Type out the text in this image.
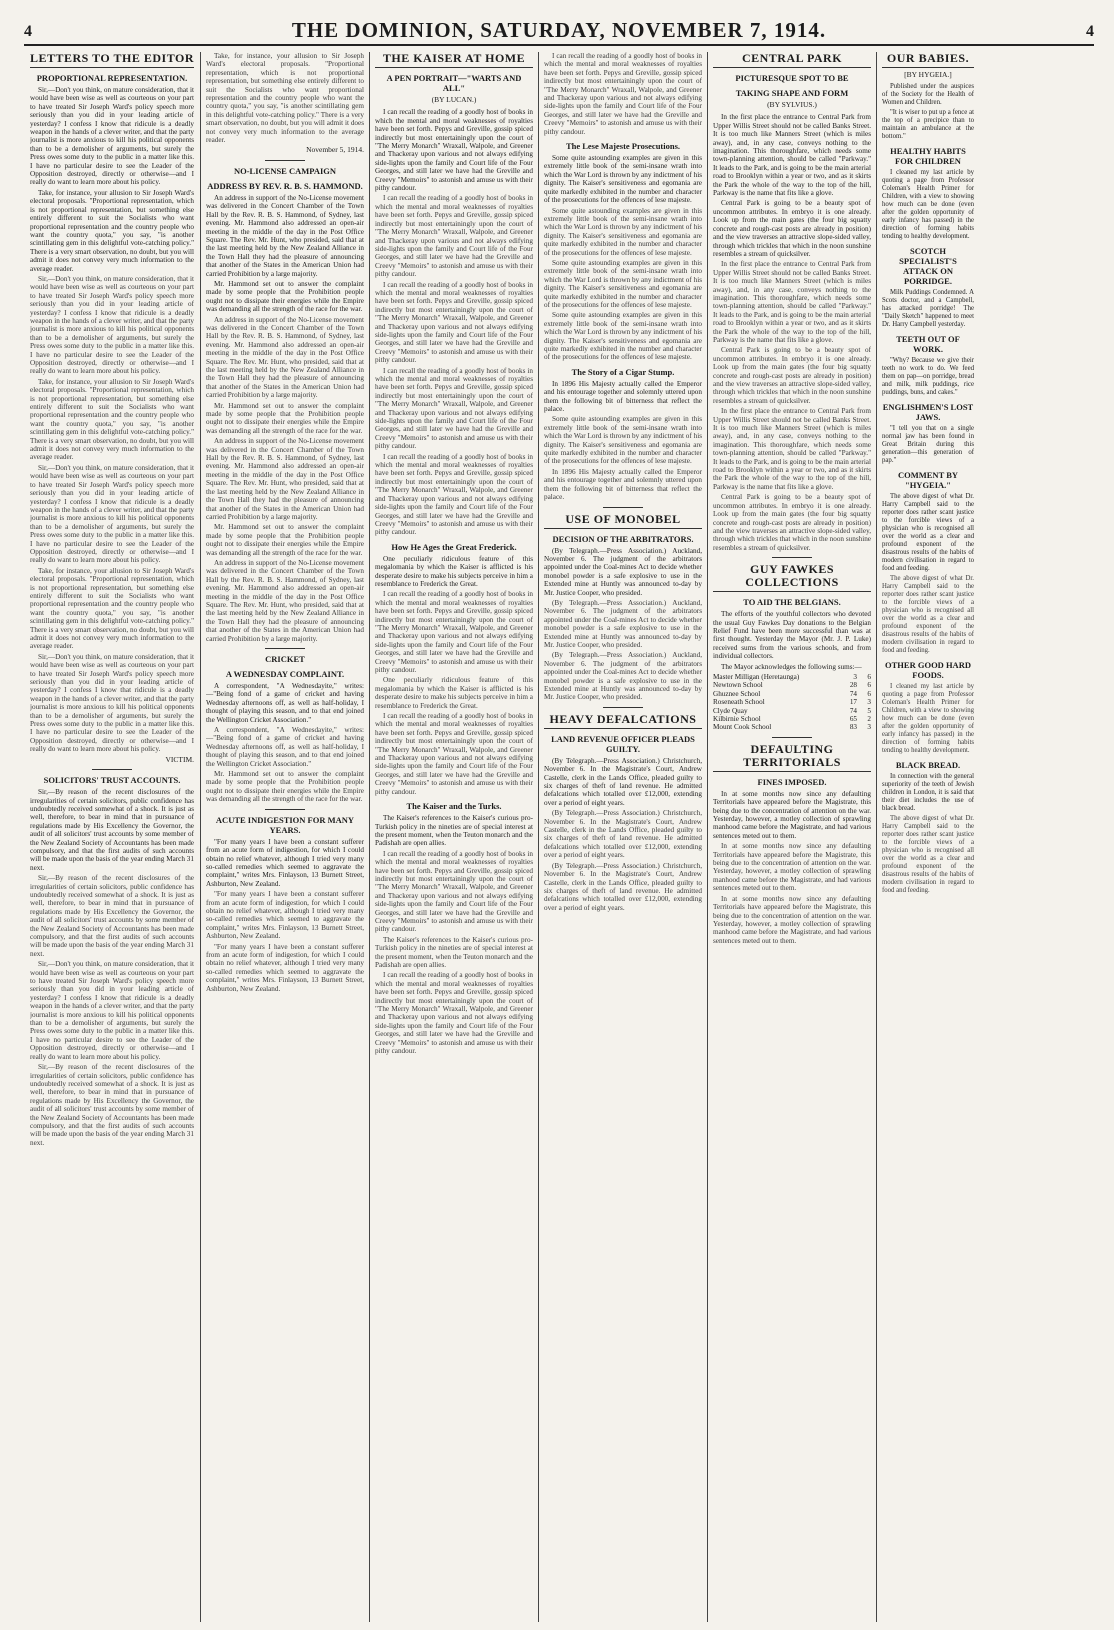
4	THE DOMINION, SATURDAY, NOVEMBER 7, 1914.	4
LETTERS TO THE EDITOR
PROPORTIONAL REPRESENTATION.

Sir,—Don't you think, on mature consideration, that it would have been wise as well as courteous on your part to have treated Sir Joseph Ward's policy speech more seriously than you did in your leading article of yesterday? I confess I know that ridicule is a deadly weapon in the hands of a clever writer, and that the party journalist is more anxious to kill his political opponents than to be a demolisher of arguments, but surely the Press owes some duty to the public in a matter like this. I have no particular desire to see the Leader of the Opposition destroyed, directly or otherwise—and I really do want to learn more about his policy.

Take, for instance, your allusion to Sir Joseph Ward's electoral proposals. "Proportional representation, which is not proportional representation, but something else entirely different to suit the Socialists who want proportional representation and the country people who want the country quota," you say, "is another scintillating gem in this delightful vote-catching policy." There is a very smart observation, no doubt, but you will admit it does not convey very much information to the average reader.

Sir,—Don't you think, on mature consideration, that it would have been wise as well as courteous on your part to have treated Sir Joseph Ward's policy speech more seriously than you did in your leading article of yesterday? I confess I know that ridicule is a deadly weapon in the hands of a clever writer, and that the party journalist is more anxious to kill his political opponents than to be a demolisher of arguments, but surely the Press owes some duty to the public in a matter like this. I have no particular desire to see the Leader of the Opposition destroyed, directly or otherwise—and I really do want to learn more about his policy.

Take, for instance, your allusion to Sir Joseph Ward's electoral proposals. "Proportional representation, which is not proportional representation, but something else entirely different to suit the Socialists who want proportional representation and the country people who want the country quota," you say, "is another scintillating gem in this delightful vote-catching policy." There is a very smart observation, no doubt, but you will admit it does not convey very much information to the average reader.

Sir,—Don't you think, on mature consideration, that it would have been wise as well as courteous on your part to have treated Sir Joseph Ward's policy speech more seriously than you did in your leading article of yesterday? I confess I know that ridicule is a deadly weapon in the hands of a clever writer, and that the party journalist is more anxious to kill his political opponents than to be a demolisher of arguments, but surely the Press owes some duty to the public in a matter like this. I have no particular desire to see the Leader of the Opposition destroyed, directly or otherwise—and I really do want to learn more about his policy.

Take, for instance, your allusion to Sir Joseph Ward's electoral proposals. "Proportional representation, which is not proportional representation, but something else entirely different to suit the Socialists who want proportional representation and the country people who want the country quota," you say, "is another scintillating gem in this delightful vote-catching policy." There is a very smart observation, no doubt, but you will admit it does not convey very much information to the average reader.

Sir,—Don't you think, on mature consideration, that it would have been wise as well as courteous on your part to have treated Sir Joseph Ward's policy speech more seriously than you did in your leading article of yesterday? I confess I know that ridicule is a deadly weapon in the hands of a clever writer, and that the party journalist is more anxious to kill his political opponents than to be a demolisher of arguments, but surely the Press owes some duty to the public in a matter like this. I have no particular desire to see the Leader of the Opposition destroyed, directly or otherwise—and I really do want to learn more about his policy.

VICTIM.
SOLICITORS' TRUST ACCOUNTS.

Sir,—By reason of the recent disclosures of the irregularities of certain solicitors, public confidence has undoubtedly received somewhat of a shock. It is just as well, therefore, to bear in mind that in pursuance of regulations made by His Excellency the Governor, the audit of all solicitors' trust accounts by some member of the New Zealand Society of Accountants has been made compulsory, and that the first audits of such accounts will be made upon the basis of the year ending March 31 next.

Sir,—By reason of the recent disclosures of the irregularities of certain solicitors, public confidence has undoubtedly received somewhat of a shock. It is just as well, therefore, to bear in mind that in pursuance of regulations made by His Excellency the Governor, the audit of all solicitors' trust accounts by some member of the New Zealand Society of Accountants has been made compulsory, and that the first audits of such accounts will be made upon the basis of the year ending March 31 next.

Sir,—Don't you think, on mature consideration, that it would have been wise as well as courteous on your part to have treated Sir Joseph Ward's policy speech more seriously than you did in your leading article of yesterday? I confess I know that ridicule is a deadly weapon in the hands of a clever writer, and that the party journalist is more anxious to kill his political opponents than to be a demolisher of arguments, but surely the Press owes some duty to the public in a matter like this. I have no particular desire to see the Leader of the Opposition destroyed, directly or otherwise—and I really do want to learn more about his policy.

Sir,—By reason of the recent disclosures of the irregularities of certain solicitors, public confidence has undoubtedly received somewhat of a shock. It is just as well, therefore, to bear in mind that in pursuance of regulations made by His Excellency the Governor, the audit of all solicitors' trust accounts by some member of the New Zealand Society of Accountants has been made compulsory, and that the first audits of such accounts will be made upon the basis of the year ending March 31 next.

Take, for instance, your allusion to Sir Joseph Ward's electoral proposals. "Proportional representation, which is not proportional representation, but something else entirely different to suit the Socialists who want proportional representation and the country people who want the country quota," you say, "is another scintillating gem in this delightful vote-catching policy." There is a very smart observation, no doubt, but you will admit it does not convey very much information to the average reader.

November 5, 1914.
NO-LICENSE CAMPAIGN
ADDRESS BY REV. R. B. S. HAMMOND.

An address in support of the No-License movement was delivered in the Concert Chamber of the Town Hall by the Rev. R. B. S. Hammond, of Sydney, last evening. Mr. Hammond also addressed an open-air meeting in the middle of the day in the Post Office Square. The Rev. Mr. Hunt, who presided, said that at the last meeting held by the New Zealand Alliance in the Town Hall they had the pleasure of announcing that another of the States in the American Union had carried Prohibition by a large majority.

Mr. Hammond set out to answer the complaint made by some people that the Prohibition people ought not to dissipate their energies while the Empire was demanding all the strength of the race for the war.

An address in support of the No-License movement was delivered in the Concert Chamber of the Town Hall by the Rev. R. B. S. Hammond, of Sydney, last evening. Mr. Hammond also addressed an open-air meeting in the middle of the day in the Post Office Square. The Rev. Mr. Hunt, who presided, said that at the last meeting held by the New Zealand Alliance in the Town Hall they had the pleasure of announcing that another of the States in the American Union had carried Prohibition by a large majority.

Mr. Hammond set out to answer the complaint made by some people that the Prohibition people ought not to dissipate their energies while the Empire was demanding all the strength of the race for the war.

An address in support of the No-License movement was delivered in the Concert Chamber of the Town Hall by the Rev. R. B. S. Hammond, of Sydney, last evening. Mr. Hammond also addressed an open-air meeting in the middle of the day in the Post Office Square. The Rev. Mr. Hunt, who presided, said that at the last meeting held by the New Zealand Alliance in the Town Hall they had the pleasure of announcing that another of the States in the American Union had carried Prohibition by a large majority.

Mr. Hammond set out to answer the complaint made by some people that the Prohibition people ought not to dissipate their energies while the Empire was demanding all the strength of the race for the war.

An address in support of the No-License movement was delivered in the Concert Chamber of the Town Hall by the Rev. R. B. S. Hammond, of Sydney, last evening. Mr. Hammond also addressed an open-air meeting in the middle of the day in the Post Office Square. The Rev. Mr. Hunt, who presided, said that at the last meeting held by the New Zealand Alliance in the Town Hall they had the pleasure of announcing that another of the States in the American Union had carried Prohibition by a large majority.

CRICKET
A WEDNESDAY COMPLAINT.

A correspondent, "A Wednesdayite," writes:—"Being fond of a game of cricket and having Wednesday afternoons off, as well as half-holiday, I thought of playing this season, and to that end joined the Wellington Cricket Association."

A correspondent, "A Wednesdayite," writes:—"Being fond of a game of cricket and having Wednesday afternoons off, as well as half-holiday, I thought of playing this season, and to that end joined the Wellington Cricket Association."

Mr. Hammond set out to answer the complaint made by some people that the Prohibition people ought not to dissipate their energies while the Empire was demanding all the strength of the race for the war.

ACUTE INDIGESTION FOR MANY YEARS.

"For many years I have been a constant sufferer from an acute form of indigestion, for which I could obtain no relief whatever, although I tried very many so-called remedies which seemed to aggravate the complaint," writes Mrs. Finlayson, 13 Burnett Street, Ashburton, New Zealand.

"For many years I have been a constant sufferer from an acute form of indigestion, for which I could obtain no relief whatever, although I tried very many so-called remedies which seemed to aggravate the complaint," writes Mrs. Finlayson, 13 Burnett Street, Ashburton, New Zealand.

"For many years I have been a constant sufferer from an acute form of indigestion, for which I could obtain no relief whatever, although I tried very many so-called remedies which seemed to aggravate the complaint," writes Mrs. Finlayson, 13 Burnett Street, Ashburton, New Zealand.

THE KAISER AT HOME
A PEN PORTRAIT—"WARTS AND ALL"
(BY LUCAN.)

I can recall the reading of a goodly host of books in which the mental and moral weaknesses of royalties have been set forth. Pepys and Greville, gossip spiced indirectly but most entertainingly upon the court of "The Merry Monarch" Wraxall, Walpole, and Greener and Thackeray upon various and not always edifying side-lights upon the family and Court life of the Four Georges, and still later we have had the Greville and Creevy "Memoirs" to astonish and amuse us with their pithy candour.

I can recall the reading of a goodly host of books in which the mental and moral weaknesses of royalties have been set forth. Pepys and Greville, gossip spiced indirectly but most entertainingly upon the court of "The Merry Monarch" Wraxall, Walpole, and Greener and Thackeray upon various and not always edifying side-lights upon the family and Court life of the Four Georges, and still later we have had the Greville and Creevy "Memoirs" to astonish and amuse us with their pithy candour.

I can recall the reading of a goodly host of books in which the mental and moral weaknesses of royalties have been set forth. Pepys and Greville, gossip spiced indirectly but most entertainingly upon the court of "The Merry Monarch" Wraxall, Walpole, and Greener and Thackeray upon various and not always edifying side-lights upon the family and Court life of the Four Georges, and still later we have had the Greville and Creevy "Memoirs" to astonish and amuse us with their pithy candour.

I can recall the reading of a goodly host of books in which the mental and moral weaknesses of royalties have been set forth. Pepys and Greville, gossip spiced indirectly but most entertainingly upon the court of "The Merry Monarch" Wraxall, Walpole, and Greener and Thackeray upon various and not always edifying side-lights upon the family and Court life of the Four Georges, and still later we have had the Greville and Creevy "Memoirs" to astonish and amuse us with their pithy candour.

I can recall the reading of a goodly host of books in which the mental and moral weaknesses of royalties have been set forth. Pepys and Greville, gossip spiced indirectly but most entertainingly upon the court of "The Merry Monarch" Wraxall, Walpole, and Greener and Thackeray upon various and not always edifying side-lights upon the family and Court life of the Four Georges, and still later we have had the Greville and Creevy "Memoirs" to astonish and amuse us with their pithy candour.

How He Ages the Great Frederick.

One peculiarly ridiculous feature of this megalomania by which the Kaiser is afflicted is his desperate desire to make his subjects perceive in him a resemblance to Frederick the Great.

I can recall the reading of a goodly host of books in which the mental and moral weaknesses of royalties have been set forth. Pepys and Greville, gossip spiced indirectly but most entertainingly upon the court of "The Merry Monarch" Wraxall, Walpole, and Greener and Thackeray upon various and not always edifying side-lights upon the family and Court life of the Four Georges, and still later we have had the Greville and Creevy "Memoirs" to astonish and amuse us with their pithy candour.

One peculiarly ridiculous feature of this megalomania by which the Kaiser is afflicted is his desperate desire to make his subjects perceive in him a resemblance to Frederick the Great.

I can recall the reading of a goodly host of books in which the mental and moral weaknesses of royalties have been set forth. Pepys and Greville, gossip spiced indirectly but most entertainingly upon the court of "The Merry Monarch" Wraxall, Walpole, and Greener and Thackeray upon various and not always edifying side-lights upon the family and Court life of the Four Georges, and still later we have had the Greville and Creevy "Memoirs" to astonish and amuse us with their pithy candour.

The Kaiser and the Turks.

The Kaiser's references to the Kaiser's curious pro-Turkish policy in the nineties are of special interest at the present moment, when the Teuton monarch and the Padishah are open allies.

I can recall the reading of a goodly host of books in which the mental and moral weaknesses of royalties have been set forth. Pepys and Greville, gossip spiced indirectly but most entertainingly upon the court of "The Merry Monarch" Wraxall, Walpole, and Greener and Thackeray upon various and not always edifying side-lights upon the family and Court life of the Four Georges, and still later we have had the Greville and Creevy "Memoirs" to astonish and amuse us with their pithy candour.

The Kaiser's references to the Kaiser's curious pro-Turkish policy in the nineties are of special interest at the present moment, when the Teuton monarch and the Padishah are open allies.

I can recall the reading of a goodly host of books in which the mental and moral weaknesses of royalties have been set forth. Pepys and Greville, gossip spiced indirectly but most entertainingly upon the court of "The Merry Monarch" Wraxall, Walpole, and Greener and Thackeray upon various and not always edifying side-lights upon the family and Court life of the Four Georges, and still later we have had the Greville and Creevy "Memoirs" to astonish and amuse us with their pithy candour.

I can recall the reading of a goodly host of books in which the mental and moral weaknesses of royalties have been set forth. Pepys and Greville, gossip spiced indirectly but most entertainingly upon the court of "The Merry Monarch" Wraxall, Walpole, and Greener and Thackeray upon various and not always edifying side-lights upon the family and Court life of the Four Georges, and still later we have had the Greville and Creevy "Memoirs" to astonish and amuse us with their pithy candour.

The Lese Majeste Prosecutions.

Some quite astounding examples are given in this extremely little book of the semi-insane wrath into which the War Lord is thrown by any indictment of his dignity. The Kaiser's sensitiveness and egomania are quite markedly exhibited in the number and character of the prosecutions for the offences of lese majeste.

Some quite astounding examples are given in this extremely little book of the semi-insane wrath into which the War Lord is thrown by any indictment of his dignity. The Kaiser's sensitiveness and egomania are quite markedly exhibited in the number and character of the prosecutions for the offences of lese majeste.

Some quite astounding examples are given in this extremely little book of the semi-insane wrath into which the War Lord is thrown by any indictment of his dignity. The Kaiser's sensitiveness and egomania are quite markedly exhibited in the number and character of the prosecutions for the offences of lese majeste.

Some quite astounding examples are given in this extremely little book of the semi-insane wrath into which the War Lord is thrown by any indictment of his dignity. The Kaiser's sensitiveness and egomania are quite markedly exhibited in the number and character of the prosecutions for the offences of lese majeste.

The Story of a Cigar Stump.

In 1896 His Majesty actually called the Emperor and his entourage together and solemnly uttered upon them the following bit of bitterness that reflect the palace.

Some quite astounding examples are given in this extremely little book of the semi-insane wrath into which the War Lord is thrown by any indictment of his dignity. The Kaiser's sensitiveness and egomania are quite markedly exhibited in the number and character of the prosecutions for the offences of lese majeste.

In 1896 His Majesty actually called the Emperor and his entourage together and solemnly uttered upon them the following bit of bitterness that reflect the palace.

USE OF MONOBEL
DECISION OF THE ARBITRATORS.

(By Telegraph.—Press Association.) Auckland, November 6. The judgment of the arbitrators appointed under the Coal-mines Act to decide whether monobel powder is a safe explosive to use in the Extended mine at Huntly was announced to-day by Mr. Justice Cooper, who presided.

(By Telegraph.—Press Association.) Auckland, November 6. The judgment of the arbitrators appointed under the Coal-mines Act to decide whether monobel powder is a safe explosive to use in the Extended mine at Huntly was announced to-day by Mr. Justice Cooper, who presided.

(By Telegraph.—Press Association.) Auckland, November 6. The judgment of the arbitrators appointed under the Coal-mines Act to decide whether monobel powder is a safe explosive to use in the Extended mine at Huntly was announced to-day by Mr. Justice Cooper, who presided.

HEAVY DEFALCATIONS
LAND REVENUE OFFICER PLEADS GUILTY.

(By Telegraph.—Press Association.) Christchurch, November 6. In the Magistrate's Court, Andrew Castelle, clerk in the Lands Office, pleaded guilty to six charges of theft of land revenue. He admitted defalcations which totalled over £12,000, extending over a period of eight years.

(By Telegraph.—Press Association.) Christchurch, November 6. In the Magistrate's Court, Andrew Castelle, clerk in the Lands Office, pleaded guilty to six charges of theft of land revenue. He admitted defalcations which totalled over £12,000, extending over a period of eight years.

(By Telegraph.—Press Association.) Christchurch, November 6. In the Magistrate's Court, Andrew Castelle, clerk in the Lands Office, pleaded guilty to six charges of theft of land revenue. He admitted defalcations which totalled over £12,000, extending over a period of eight years.

CENTRAL PARK
PICTURESQUE SPOT TO BE
TAKING SHAPE AND FORM
(BY SYLVIUS.)

In the first place the entrance to Central Park from Upper Willis Street should not be called Banks Street. It is too much like Manners Street (which is miles away), and, in any case, conveys nothing to the imagination. This thoroughfare, which needs some town-planning attention, should be called "Parkway." It leads to the Park, and is going to be the main arterial road to Brooklyn within a year or two, and as it skirts the Park the whole of the way to the top of the hill, Parkway is the name that fits like a glove.

Central Park is going to be a beauty spot of uncommon attributes. In embryo it is one already. Look up from the main gates (the four big squatty concrete and rough-cast posts are already in position) and the view traverses an attractive slope-sided valley, through which trickles that which in the noon sunshine resembles a stream of quicksilver.

In the first place the entrance to Central Park from Upper Willis Street should not be called Banks Street. It is too much like Manners Street (which is miles away), and, in any case, conveys nothing to the imagination. This thoroughfare, which needs some town-planning attention, should be called "Parkway." It leads to the Park, and is going to be the main arterial road to Brooklyn within a year or two, and as it skirts the Park the whole of the way to the top of the hill, Parkway is the name that fits like a glove.

Central Park is going to be a beauty spot of uncommon attributes. In embryo it is one already. Look up from the main gates (the four big squatty concrete and rough-cast posts are already in position) and the view traverses an attractive slope-sided valley, through which trickles that which in the noon sunshine resembles a stream of quicksilver.

In the first place the entrance to Central Park from Upper Willis Street should not be called Banks Street. It is too much like Manners Street (which is miles away), and, in any case, conveys nothing to the imagination. This thoroughfare, which needs some town-planning attention, should be called "Parkway." It leads to the Park, and is going to be the main arterial road to Brooklyn within a year or two, and as it skirts the Park the whole of the way to the top of the hill, Parkway is the name that fits like a glove.

Central Park is going to be a beauty spot of uncommon attributes. In embryo it is one already. Look up from the main gates (the four big squatty concrete and rough-cast posts are already in position) and the view traverses an attractive slope-sided valley, through which trickles that which in the noon sunshine resembles a stream of quicksilver.

GUY FAWKES COLLECTIONS
TO AID THE BELGIANS.

The efforts of the youthful collectors who devoted the usual Guy Fawkes Day donations to the Belgian Relief Fund have been more successful than was at first thought. Yesterday the Mayor (Mr. J. P. Luke) received sums from the various schools, and from individual collectors.

The Mayor acknowledges the following sums:—

Master Milligan (Heretaunga)	3	6
Newtown School	28	6
Ghuznee School	74	6
Roseneath School	17	3
Clyde Quay	74	5
Kilbirnie School	65	2
Mount Cook School	83	3
DEFAULTING TERRITORIALS
FINES IMPOSED.

In at some months now since any defaulting Territorials have appeared before the Magistrate, this being due to the concentration of attention on the war. Yesterday, however, a motley collection of sprawling manhood came before the Magistrate, and had various sentences meted out to them.

In at some months now since any defaulting Territorials have appeared before the Magistrate, this being due to the concentration of attention on the war. Yesterday, however, a motley collection of sprawling manhood came before the Magistrate, and had various sentences meted out to them.

In at some months now since any defaulting Territorials have appeared before the Magistrate, this being due to the concentration of attention on the war. Yesterday, however, a motley collection of sprawling manhood came before the Magistrate, and had various sentences meted out to them.

OUR BABIES.
[BY HYGEIA.]

Published under the auspices of the Society for the Health of Women and Children.

"It is wiser to put up a fence at the top of a precipice than to maintain an ambulance at the bottom."

HEALTHY HABITS FOR CHILDREN

I cleaned my last article by quoting a page from Professor Coleman's Health Primer for Children, with a view to showing how much can be done (even after the golden opportunity of early infancy has passed) in the direction of forming habits tending to healthy development.

SCOTCH SPECIALIST'S ATTACK ON PORRIDGE.

Milk Puddings Condemned. A Scots doctor, and a Campbell, has attacked porridge! The "Daily Sketch" happened to meet Dr. Harry Campbell yesterday.

TEETH OUT OF WORK.

"Why? Because we give their teeth no work to do. We feed them on pap—on porridge, bread and milk, milk puddings, rice puddings, buns, and cakes."

ENGLISHMEN'S LOST JAWS.

"I tell you that on a single normal jaw has been found in Great Britain during this generation—this generation of pap."

COMMENT BY "HYGEIA."

The above digest of what Dr. Harry Campbell said to the reporter does rather scant justice to the forcible views of a physician who is recognised all over the world as a clear and profound exponent of the disastrous results of the habits of modern civilisation in regard to food and feeding.

The above digest of what Dr. Harry Campbell said to the reporter does rather scant justice to the forcible views of a physician who is recognised all over the world as a clear and profound exponent of the disastrous results of the habits of modern civilisation in regard to food and feeding.

OTHER GOOD HARD FOODS.

I cleaned my last article by quoting a page from Professor Coleman's Health Primer for Children, with a view to showing how much can be done (even after the golden opportunity of early infancy has passed) in the direction of forming habits tending to healthy development.

BLACK BREAD.

In connection with the general superiority of the teeth of Jewish children in London, it is said that their diet includes the use of black bread.

The above digest of what Dr. Harry Campbell said to the reporter does rather scant justice to the forcible views of a physician who is recognised all over the world as a clear and profound exponent of the disastrous results of the habits of modern civilisation in regard to food and feeding.
